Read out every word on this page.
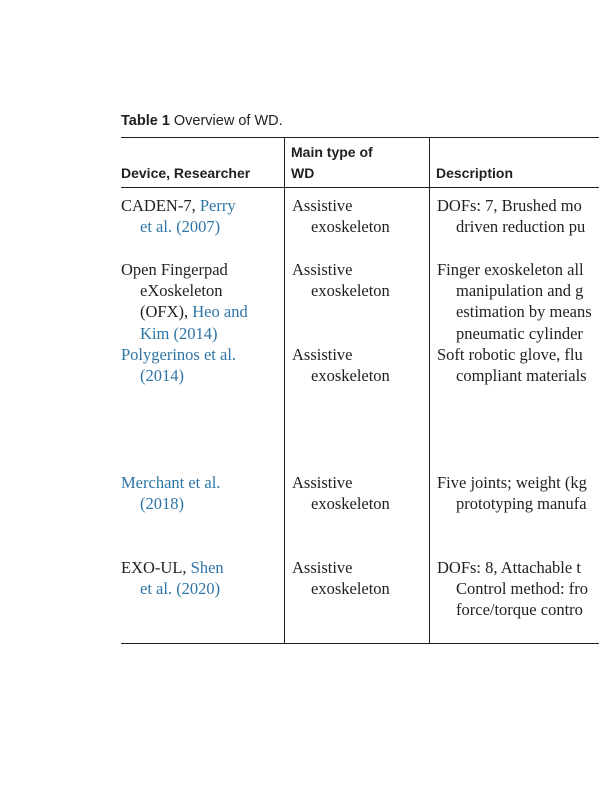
Table 1 Overview of WD.
Device, Researcher
Main type of
WD	Description
CADEN-7, Perry
et al. (2007)
Assistive
exoskeleton
DOFs: 7, Brushed mo
driven reduction pu
Open Fingerpad
eXoskeleton
(OFX), Heo and
Kim (2014)
Assistive
exoskeleton
Finger exoskeleton all
manipulation and g
estimation by means
pneumatic cylinder
Polygerinos et al.
(2014)
Assistive
exoskeleton
Soft robotic glove, flu
compliant materials
Merchant et al.
(2018)
Assistive
exoskeleton
Five joints; weight (kg
prototyping manufa
EXO-UL, Shen
et al. (2020)
Assistive
exoskeleton
DOFs: 8, Attachable t
Control method: fro
force/torque contro
